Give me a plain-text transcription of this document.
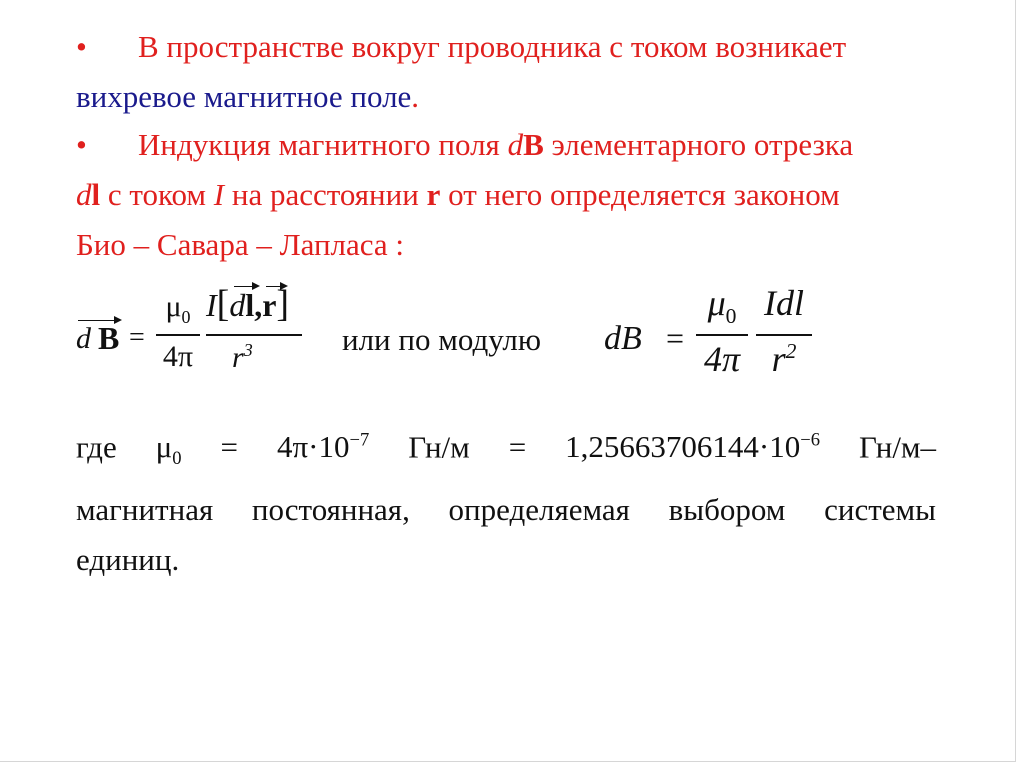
•	В пространстве вокруг проводника с током возникает
вихревое магнитное поле.
•	Индукция магнитного поля dB элементарного отрезка
dl с током I на расстоянии r от него определяется законом
Био – Савара – Лапласа :
d B =
$\mu_0$
4π
I[dl,r]
$r^3$	или по модулю dB =
$\mu_0$
4π
Idl
$r^2$
где $\mu_0 = 4\pi\cdot 10^{-7}$ $Гн/м = 1,25663706144\cdot 10^{-6}$ Гн/м–
магнитная постоянная, определяемая выбором системы
единиц.
